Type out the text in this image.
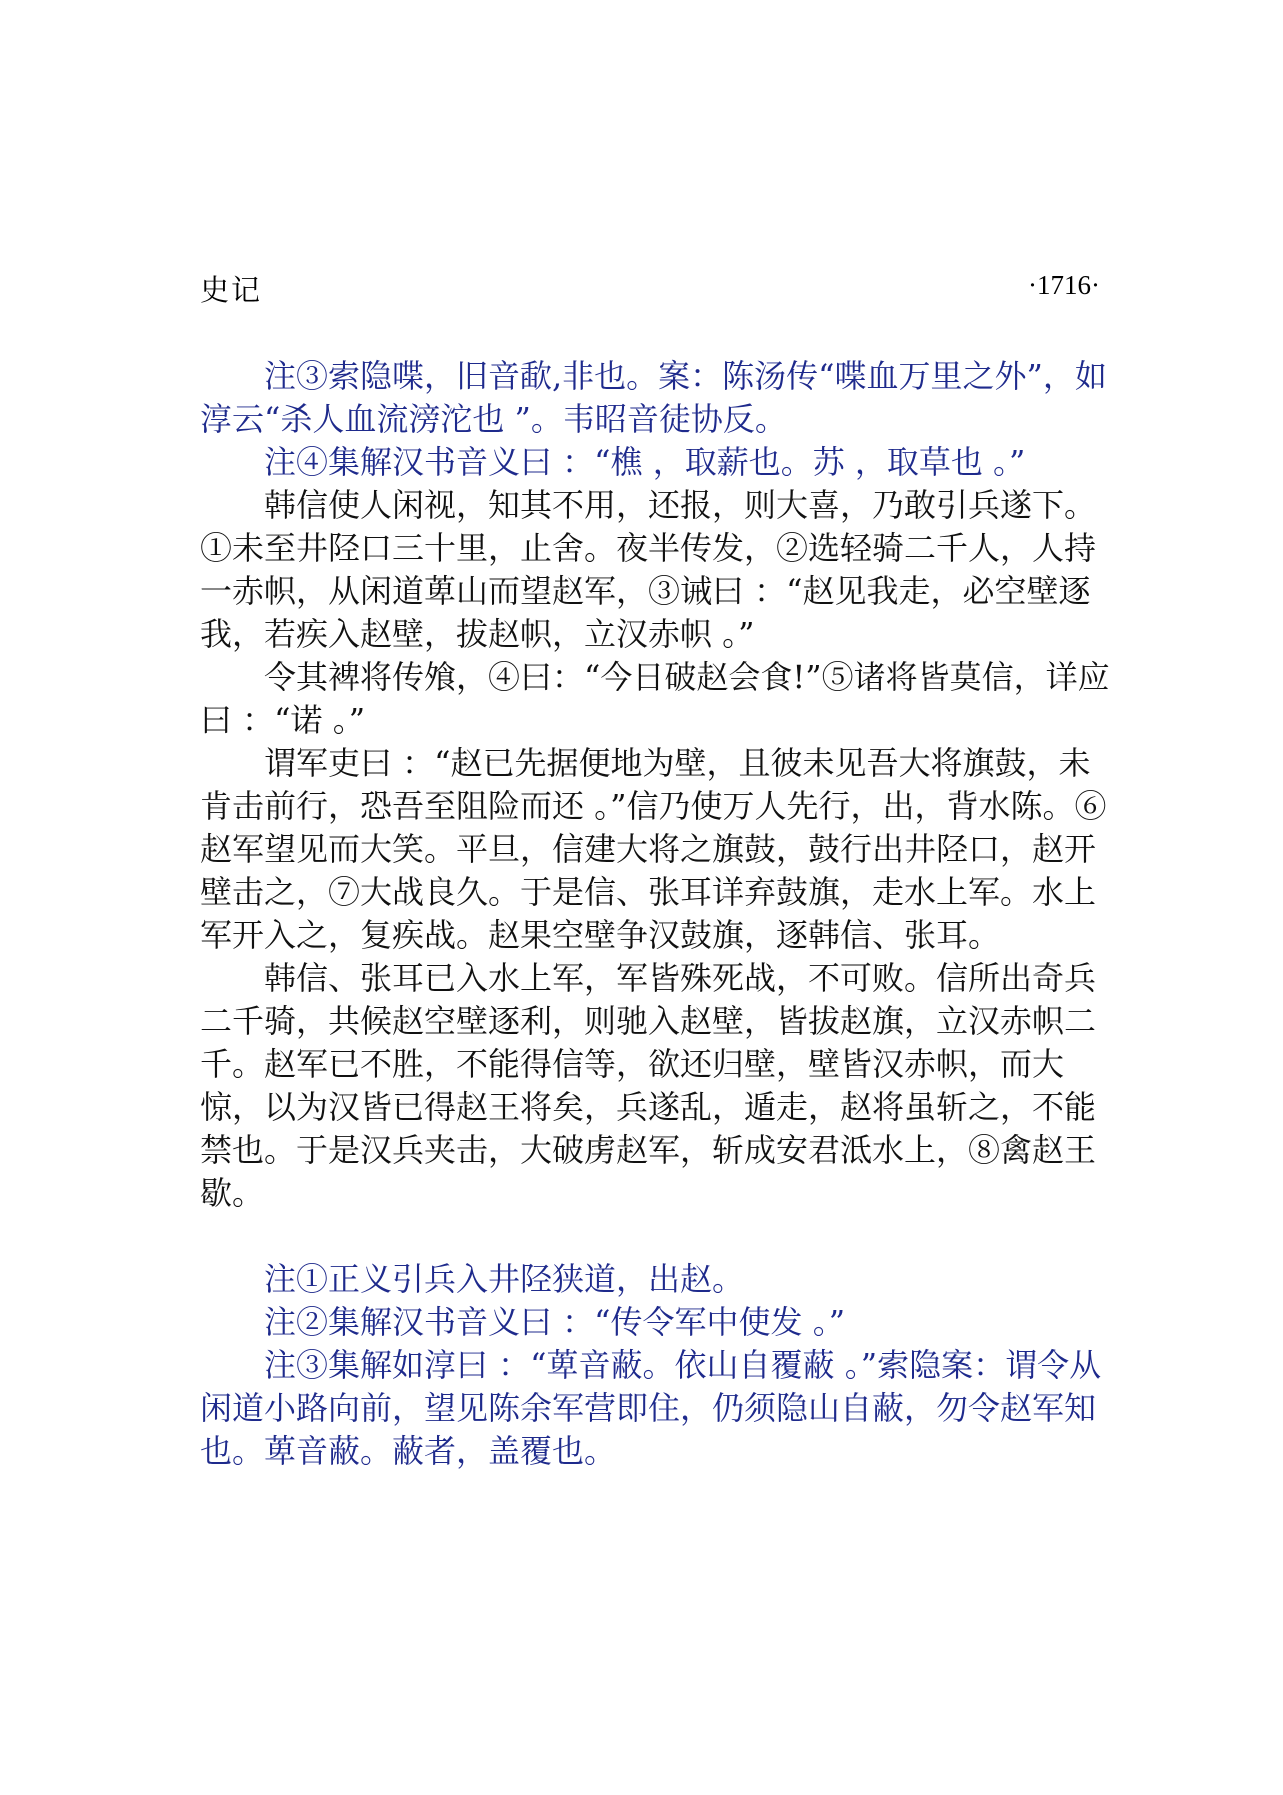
史记	·1716·

注③索隐喋，旧音歃,非也。案：陈汤传“喋血万里之外”，如淳云“杀人血流滂沱也 ”。韦昭音徒协反。

注④集解汉书音义曰 ：“樵 ，取薪也。苏 ，取草也 。”

韩信使人闲视，知其不用，还报，则大喜，乃敢引兵遂下。①未至井陉口三十里，止舍。夜半传发，②选轻骑二千人，人持一赤帜，从闲道萆山而望赵军，③诫曰 ：“赵见我走，必空壁逐我，若疾入赵壁，拔赵帜，立汉赤帜 。”

令其裨将传飧，④曰：“今日破赵会食!”⑤诸将皆莫信，详应曰 ：“诺 。”

谓军吏曰 ：“赵已先据便地为壁，且彼未见吾大将旗鼓，未肯击前行，恐吾至阻险而还 。”信乃使万人先行，出，背水陈。⑥赵军望见而大笑。平旦，信建大将之旗鼓，鼓行出井陉口，赵开壁击之，⑦大战良久。于是信、张耳详弃鼓旗，走水上军。水上军开入之，复疾战。赵果空壁争汉鼓旗，逐韩信、张耳。

韩信、张耳已入水上军，军皆殊死战，不可败。信所出奇兵二千骑，共候赵空壁逐利，则驰入赵壁，皆拔赵旗，立汉赤帜二千。赵军已不胜，不能得信等，欲还归壁，壁皆汉赤帜，而大惊，以为汉皆已得赵王将矣，兵遂乱，遁走，赵将虽斩之，不能禁也。于是汉兵夹击，大破虏赵军，斩成安君泜水上，⑧禽赵王歇。

注①正义引兵入井陉狭道，出赵。

注②集解汉书音义曰 ：“传令军中使发 。”

注③集解如淳曰 ：“萆音蔽。依山自覆蔽 。”索隐案：谓令从闲道小路向前，望见陈余军营即住，仍须隐山自蔽，勿令赵军知也。萆音蔽。蔽者，盖覆也。
